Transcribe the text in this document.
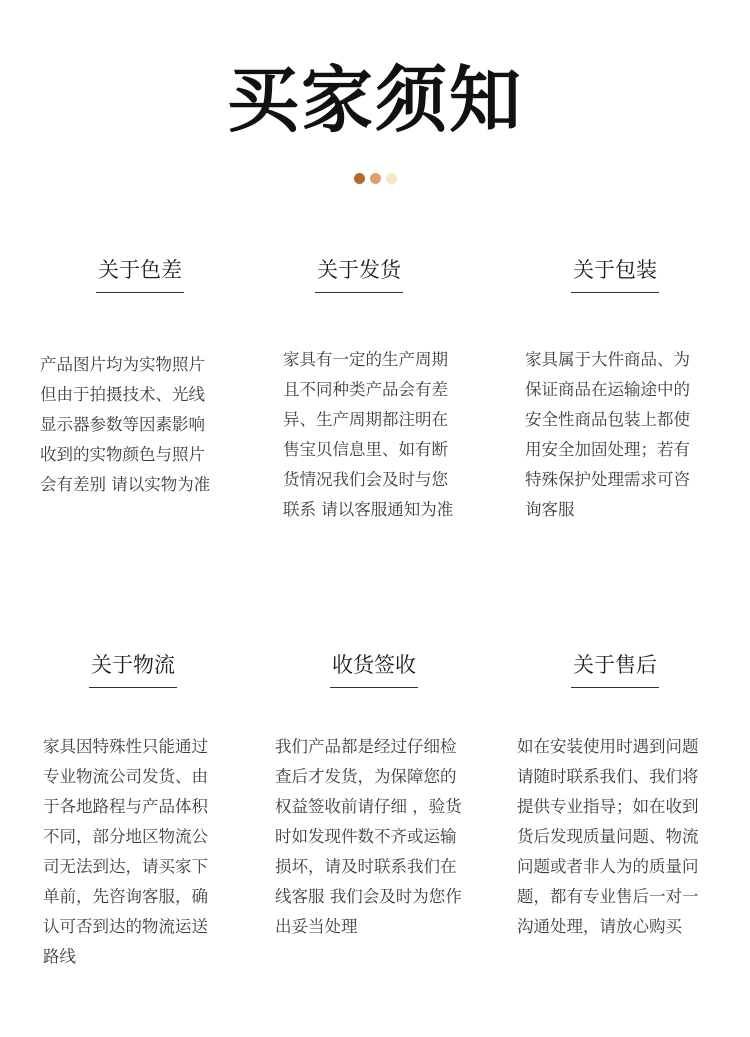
买家须知
关于色差
产品图片均为实物照片
但由于拍摄技术、光线
显示器参数等因素影响
收到的实物颜色与照片
会有差别 请以实物为准
关于发货
家具有一定的生产周期
且不同种类产品会有差
异、生产周期都注明在
售宝贝信息里、如有断
货情况我们会及时与您
联系 请以客服通知为准
关于包装
家具属于大件商品、为
保证商品在运输途中的
安全性商品包装上都使
用安全加固处理；若有
特殊保护处理需求可咨
询客服
关于物流
家具因特殊性只能通过
专业物流公司发货、由
于各地路程与产品体积
不同，部分地区物流公
司无法到达，请买家下
单前，先咨询客服，确
认可否到达的物流运送
路线
收货签收
我们产品都是经过仔细检
查后才发货，为保障您的
权益签收前请仔细 ，验货
时如发现件数不齐或运输
损坏，请及时联系我们在
线客服 我们会及时为您作
出妥当处理
关于售后
如在安装使用时遇到问题
请随时联系我们、我们将
提供专业指导；如在收到
货后发现质量问题、物流
问题或者非人为的质量问
题，都有专业售后一对一
沟通处理，请放心购买
